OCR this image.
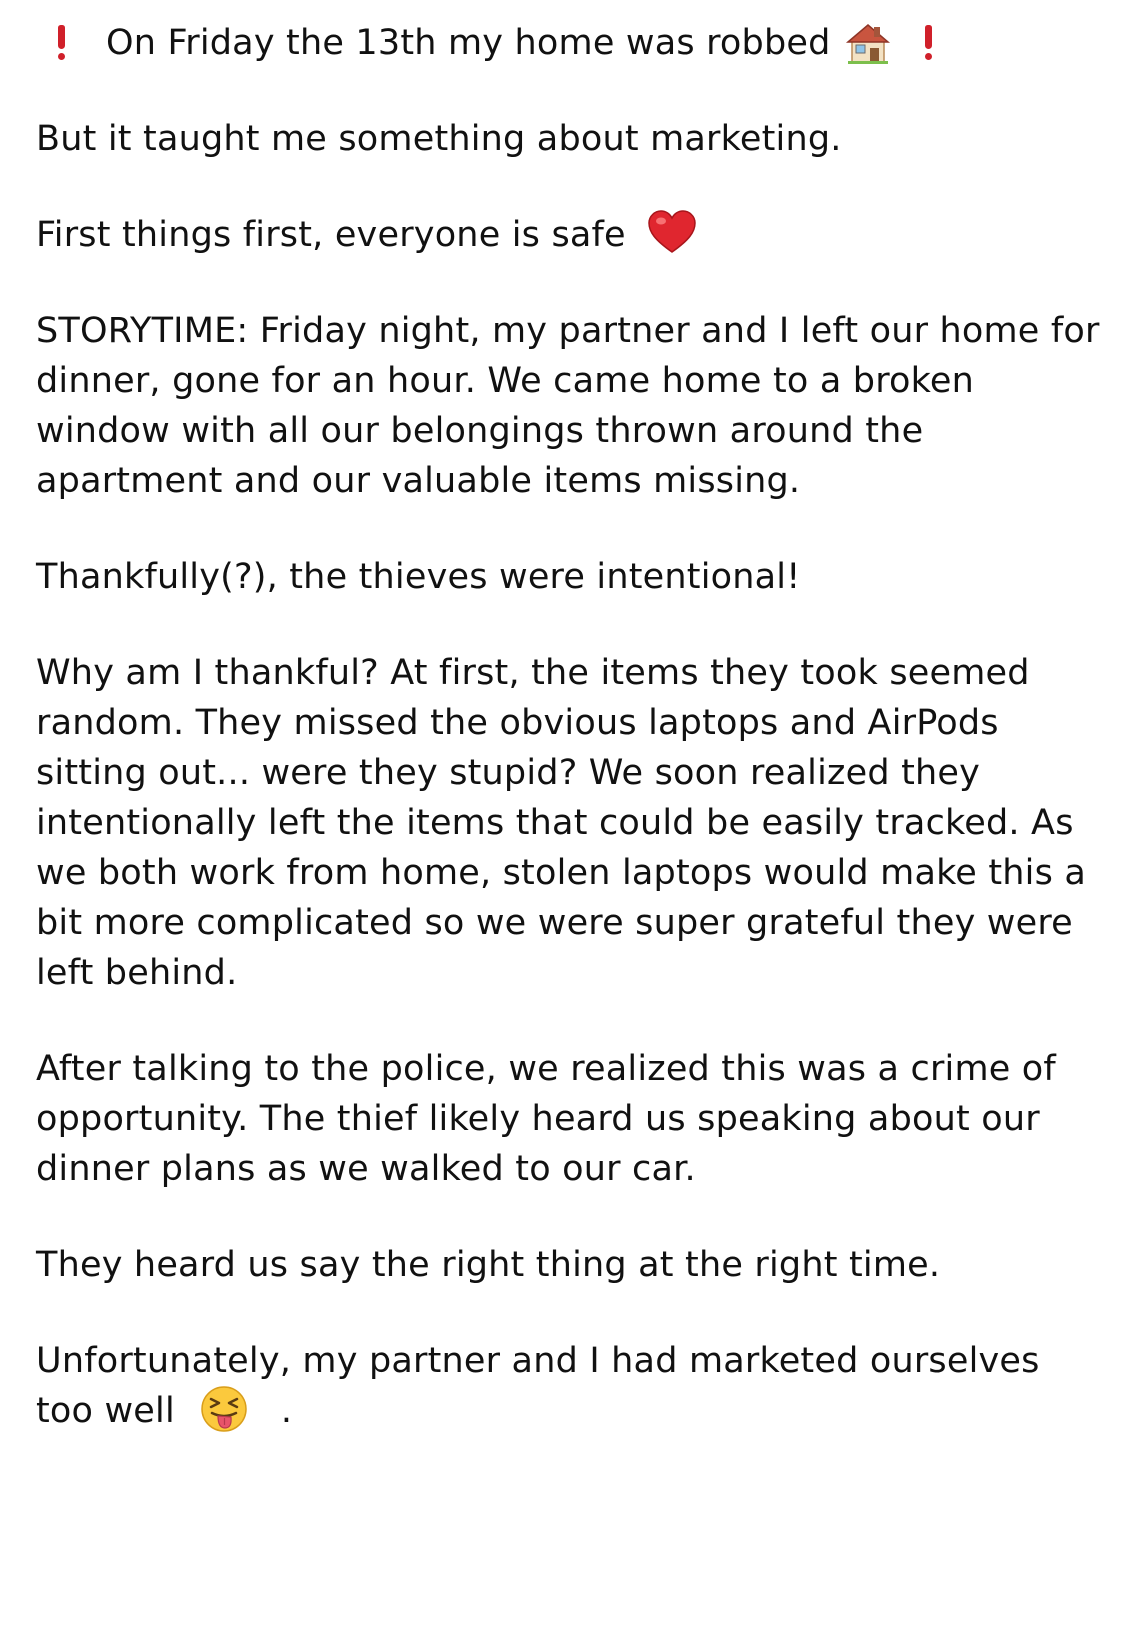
On Friday the 13th my home was robbed

But it taught me something about marketing.

First things first, everyone is safe

STORYTIME: Friday night, my partner and I left our home for dinner, gone for an hour. We came home to a broken window with all our belongings thrown around the apartment and our valuable items missing.

Thankfully(?), the thieves were intentional!

Why am I thankful? At first, the items they took seemed random. They missed the obvious laptops and AirPods sitting out... were they stupid? We soon realized they intentionally left the items that could be easily tracked. As we both work from home, stolen laptops would make this a bit more complicated so we were super grateful they were left behind.

After talking to the police, we realized this was a crime of opportunity. The thief likely heard us speaking about our dinner plans as we walked to our car.

They heard us say the right thing at the right time.

Unfortunately, my partner and I had marketed ourselves too well	.
